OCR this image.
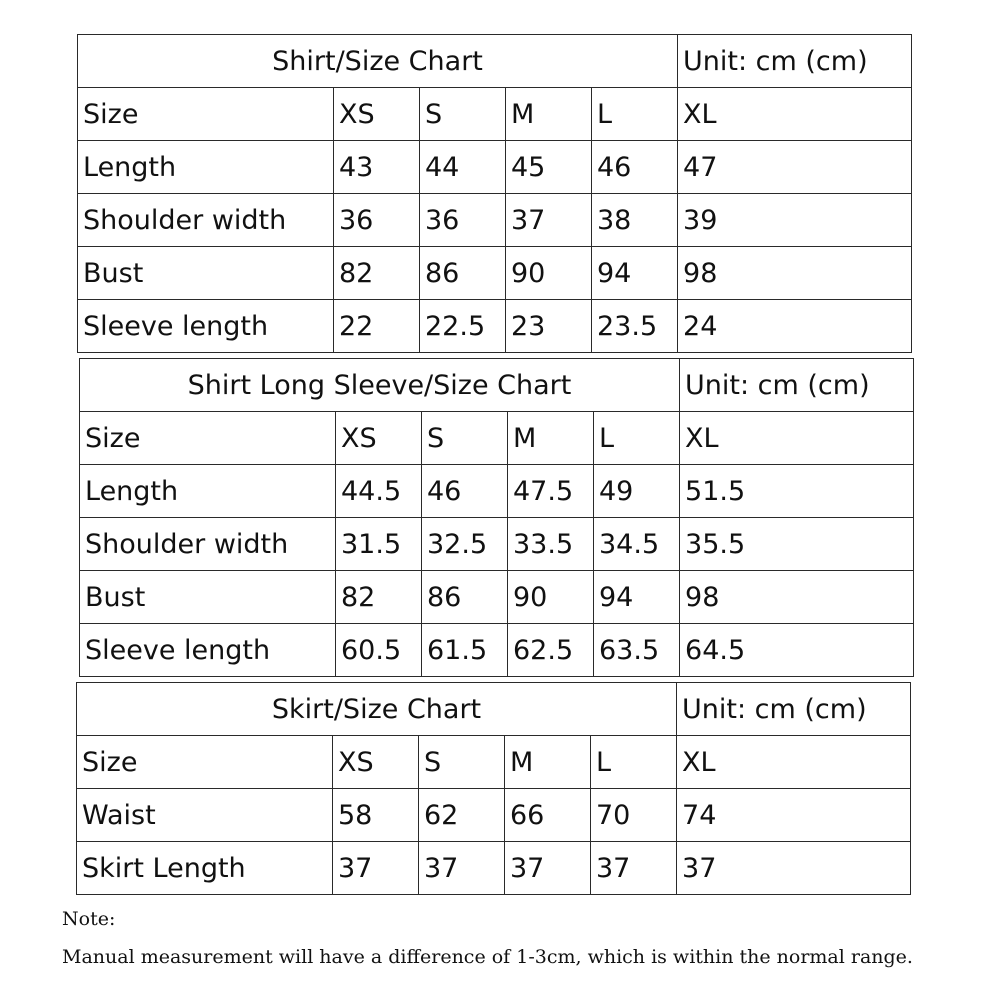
Shirt/Size Chart					Unit: cm (cm)
Size	XS	S	M	L	XL
Length	43	44	45	46	47
Shoulder width	36	36	37	38	39
Bust	82	86	90	94	98
Sleeve length	22	22.5	23	23.5	24
Shirt Long Sleeve/Size Chart					Unit: cm (cm)
Size	XS	S	M	L	XL
Length	44.5	46	47.5	49	51.5
Shoulder width	31.5	32.5	33.5	34.5	35.5
Bust	82	86	90	94	98
Sleeve length	60.5	61.5	62.5	63.5	64.5
Skirt/Size Chart					Unit: cm (cm)
Size	XS	S	M	L	XL
Waist	58	62	66	70	74
Skirt Length	37	37	37	37	37
Note:
Manual measurement will have a difference of 1-3cm, which is within the normal range.
